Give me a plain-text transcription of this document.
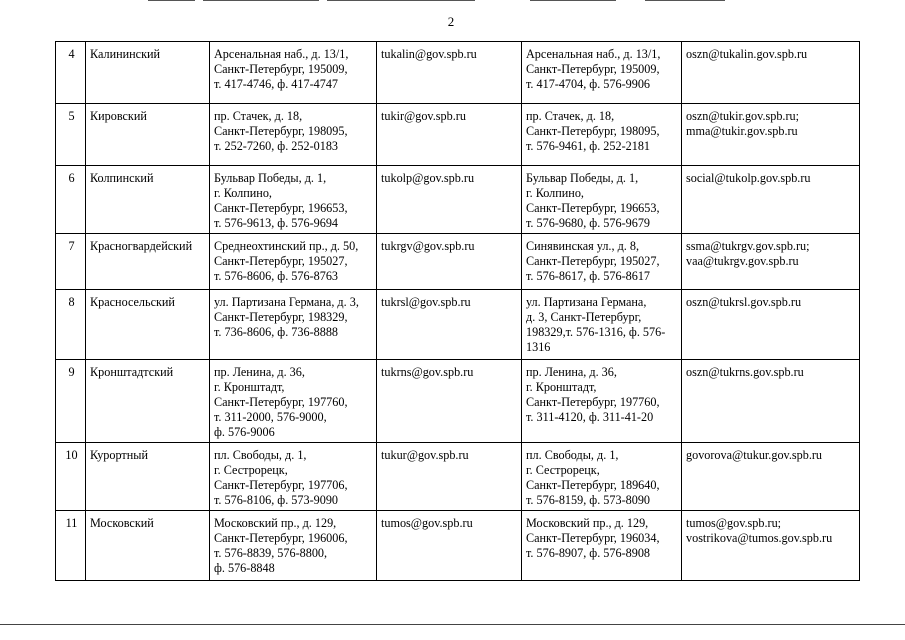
2
4	Калининский	Арсенальная наб., д. 13/1,
Санкт-Петербург, 195009,
т. 417-4746, ф. 417-4747	tukalin@gov.spb.ru	Арсенальная наб., д. 13/1,
Санкт-Петербург, 195009,
т. 417-4704, ф. 576-9906	oszn@tukalin.gov.spb.ru
5	Кировский	пр. Стачек, д. 18,
Санкт-Петербург, 198095,
т. 252-7260, ф. 252-0183	tukir@gov.spb.ru	пр. Стачек, д. 18,
Санкт-Петербург, 198095,
т. 576-9461, ф. 252-2181	oszn@tukir.gov.spb.ru;
mma@tukir.gov.spb.ru
6	Колпинский	Бульвар Победы, д. 1,
г. Колпино,
Санкт-Петербург, 196653,
т. 576-9613, ф. 576-9694	tukolp@gov.spb.ru	Бульвар Победы, д. 1,
г. Колпино,
Санкт-Петербург, 196653,
т. 576-9680, ф. 576-9679	social@tukolp.gov.spb.ru
7	Красногвардейский	Среднеохтинский пр., д. 50,
Санкт-Петербург, 195027,
т. 576-8606, ф. 576-8763	tukrgv@gov.spb.ru	Синявинская ул., д. 8,
Санкт-Петербург, 195027,
т. 576-8617, ф. 576-8617	ssma@tukrgv.gov.spb.ru;
vaa@tukrgv.gov.spb.ru
8	Красносельский	ул. Партизана Германа, д. 3,
Санкт-Петербург, 198329,
т. 736-8606, ф. 736-8888	tukrsl@gov.spb.ru	ул. Партизана Германа,
д. 3, Санкт-Петербург,
198329,т. 576-1316, ф. 576-
1316	oszn@tukrsl.gov.spb.ru
9	Кронштадтский	пр. Ленина, д. 36,
г. Кронштадт,
Санкт-Петербург, 197760,
т. 311-2000, 576-9000,
ф. 576-9006	tukrns@gov.spb.ru	пр. Ленина, д. 36,
г. Кронштадт,
Санкт-Петербург, 197760,
т. 311-4120, ф. 311-41-20	oszn@tukrns.gov.spb.ru
10	Курортный	пл. Свободы, д. 1,
г. Сестрорецк,
Санкт-Петербург, 197706,
т. 576-8106, ф. 573-9090	tukur@gov.spb.ru	пл. Свободы, д. 1,
г. Сестрорецк,
Санкт-Петербург, 189640,
т. 576-8159, ф. 573-8090	govorova@tukur.gov.spb.ru
11	Московский	Московский пр., д. 129,
Санкт-Петербург, 196006,
т. 576-8839, 576-8800,
ф. 576-8848	tumos@gov.spb.ru	Московский пр., д. 129,
Санкт-Петербург, 196034,
т. 576-8907, ф. 576-8908	tumos@gov.spb.ru;
vostrikova@tumos.gov.spb.ru
